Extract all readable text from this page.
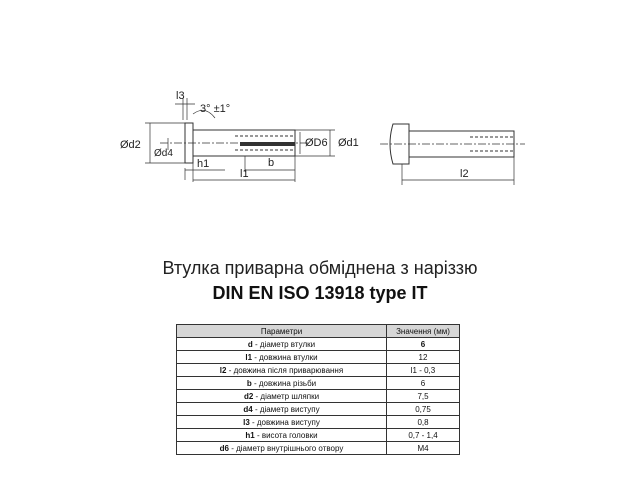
l3
3° ±1°
Ød2
Ød4
ØD6 Ød1
h1	b
l1	l2
Втулка приварна обміднена з наріззю
DIN EN ISO 13918 type IT
Параметри	Значення (мм)
d - діаметр втулки	6
l1 - довжина втулки	12
l2 - довжина після приварювання	l1 - 0,3
b - довжина різьби	6
d2 - діаметр шляпки	7,5
d4 - діаметр виступу	0,75
l3 - довжина виступу	0,8
h1 - висота головки	0,7 - 1,4
d6 - діаметр внутрішнього отвору	M4
